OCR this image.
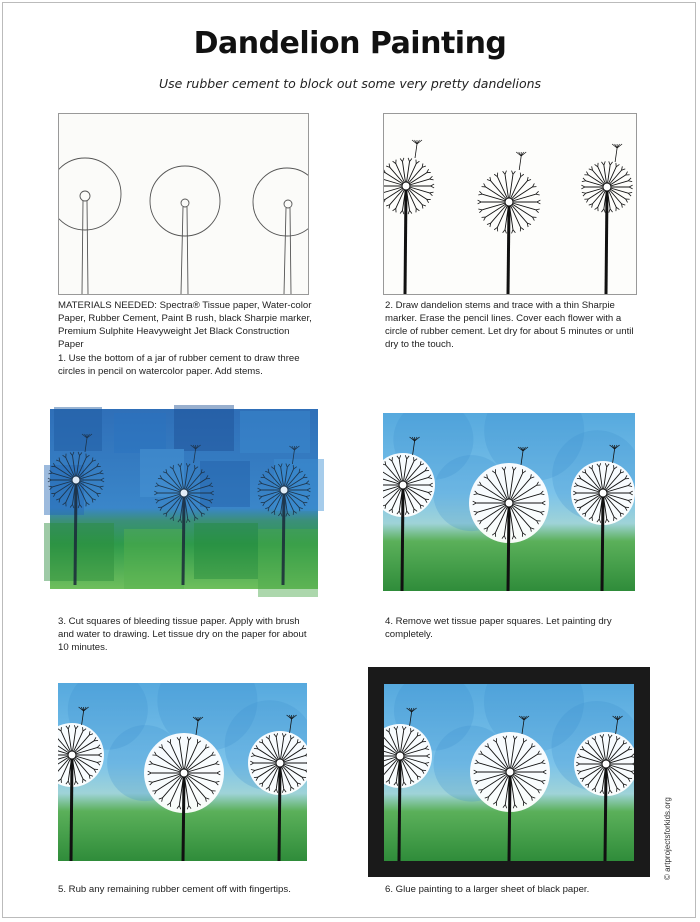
Dandelion Painting
Use rubber cement to block out some very pretty dandelions
MATERIALS NEEDED: Spectra® Tissue paper, Water-color Paper, Rubber Cement, Paint B rush, black Sharpie marker, Premium Sulphite Heavyweight Jet Black Construction Paper
1. Use the bottom of a jar of rubber cement to draw three circles in pencil on watercolor paper. Add stems.
2. Draw dandelion stems and trace with a thin Sharpie marker. Erase the pencil lines. Cover each flower with a circle of rubber cement. Let dry for about 5 minutes or until dry to the touch.
3. Cut squares of bleeding tissue paper. Apply with brush and water to drawing. Let tissue dry on the paper for about 10 minutes.
4. Remove wet tissue paper squares. Let painting dry completely.
© artprojectsforkids.org
5. Rub any remaining rubber cement off with fingertips.	6. Glue painting to a larger sheet of black paper.
